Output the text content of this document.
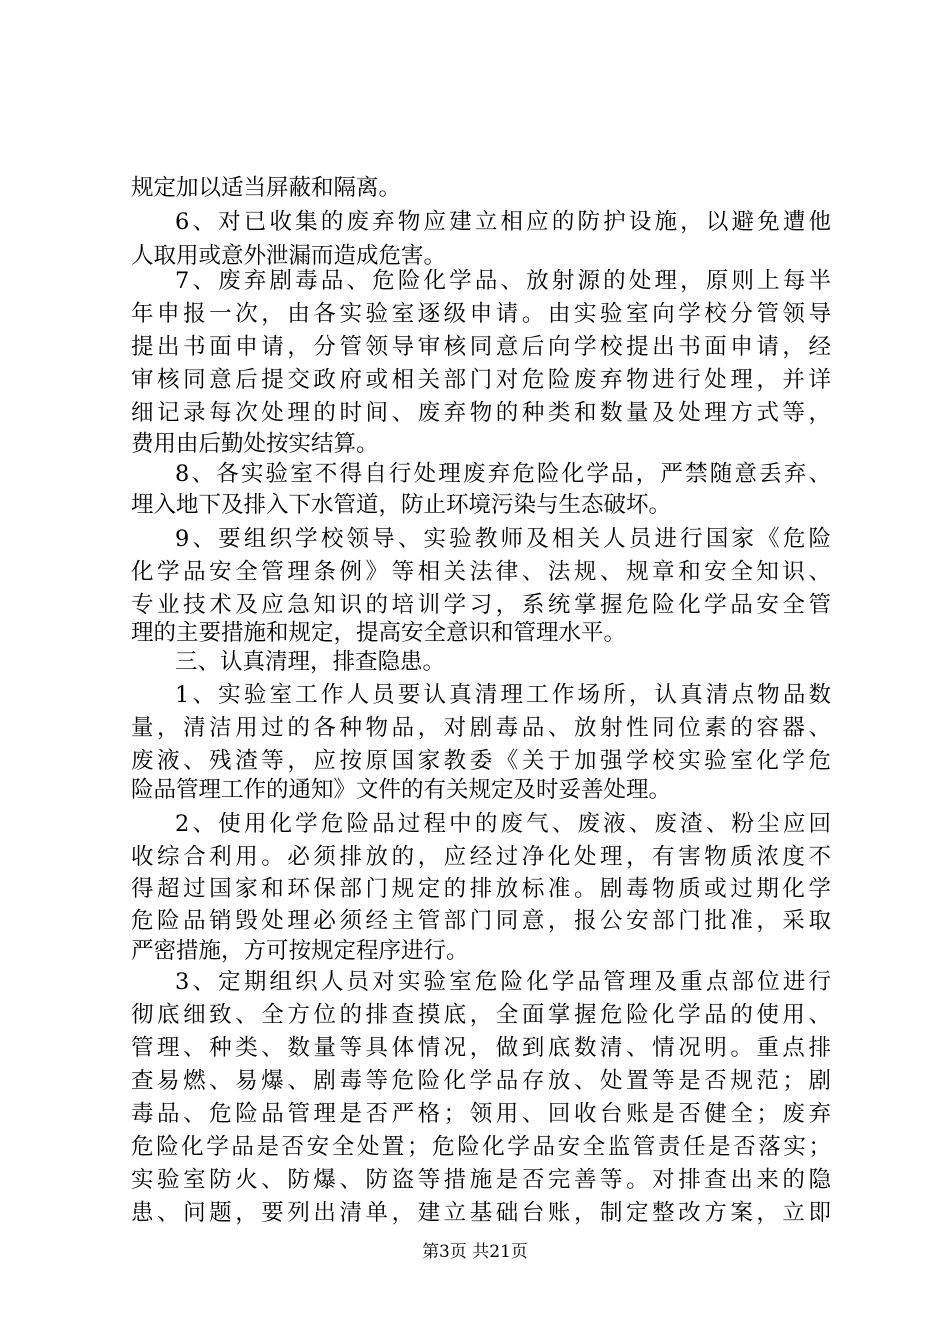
规定加以适当屏蔽和隔离。
6、对已收集的废弃物应建立相应的防护设施，以避免遭他
人取用或意外泄漏而造成危害。
7、废弃剧毒品、危险化学品、放射源的处理，原则上每半
年申报一次，由各实验室逐级申请。由实验室向学校分管领导
提出书面申请，分管领导审核同意后向学校提出书面申请，经
审核同意后提交政府或相关部门对危险废弃物进行处理，并详
细记录每次处理的时间、废弃物的种类和数量及处理方式等，
费用由后勤处按实结算。
8、各实验室不得自行处理废弃危险化学品，严禁随意丢弃、
埋入地下及排入下水管道，防止环境污染与生态破坏。
9、要组织学校领导、实验教师及相关人员进行国家《危险
化学品安全管理条例》等相关法律、法规、规章和安全知识、
专业技术及应急知识的培训学习，系统掌握危险化学品安全管
理的主要措施和规定，提高安全意识和管理水平。
三、认真清理，排查隐患。
1、实验室工作人员要认真清理工作场所，认真清点物品数
量，清洁用过的各种物品，对剧毒品、放射性同位素的容器、
废液、残渣等，应按原国家教委《关于加强学校实验室化学危
险品管理工作的通知》文件的有关规定及时妥善处理。
2、使用化学危险品过程中的废气、废液、废渣、粉尘应回
收综合利用。必须排放的，应经过净化处理，有害物质浓度不
得超过国家和环保部门规定的排放标准。剧毒物质或过期化学
危险品销毁处理必须经主管部门同意，报公安部门批准，采取
严密措施，方可按规定程序进行。
3、定期组织人员对实验室危险化学品管理及重点部位进行
彻底细致、全方位的排查摸底，全面掌握危险化学品的使用、
管理、种类、数量等具体情况，做到底数清、情况明。重点排
查易燃、易爆、剧毒等危险化学品存放、处置等是否规范；剧
毒品、危险品管理是否严格；领用、回收台账是否健全；废弃
危险化学品是否安全处置；危险化学品安全监管责任是否落实；
实验室防火、防爆、防盗等措施是否完善等。对排查出来的隐
患、问题，要列出清单，建立基础台账，制定整改方案，立即
第3页 共21页
